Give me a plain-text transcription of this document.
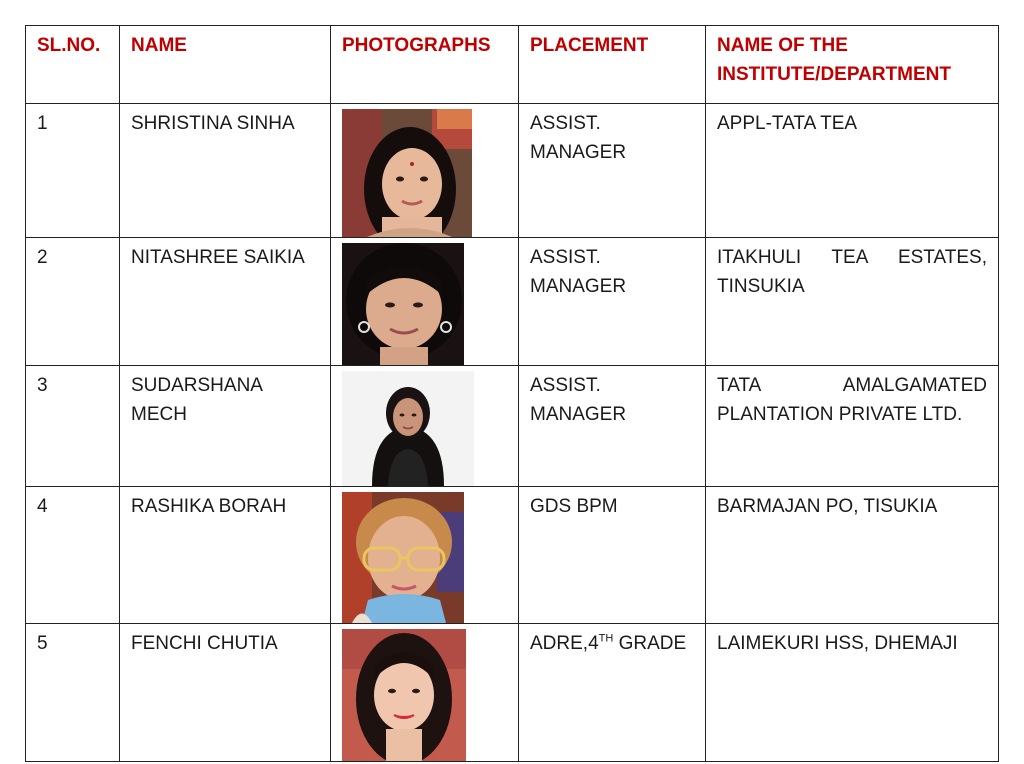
SL.NO.	NAME	PHOTOGRAPHS	PLACEMENT	NAME OF THE INSTITUTE/DEPARTMENT
1	SHRISTINA SINHA		ASSIST. MANAGER	APPL-TATA TEA
2	NITASHREE SAIKIA		ASSIST. MANAGER	ITAKHULI TEA ESTATES, TINSUKIA
3	SUDARSHANA MECH		ASSIST. MANAGER	TATA AMALGAMATED PLANTATION PRIVATE LTD.
4	RASHIKA BORAH		GDS BPM	BARMAJAN PO, TISUKIA
5	FENCHI CHUTIA		ADRE,4TH GRADE	LAIMEKURI HSS, DHEMAJI
